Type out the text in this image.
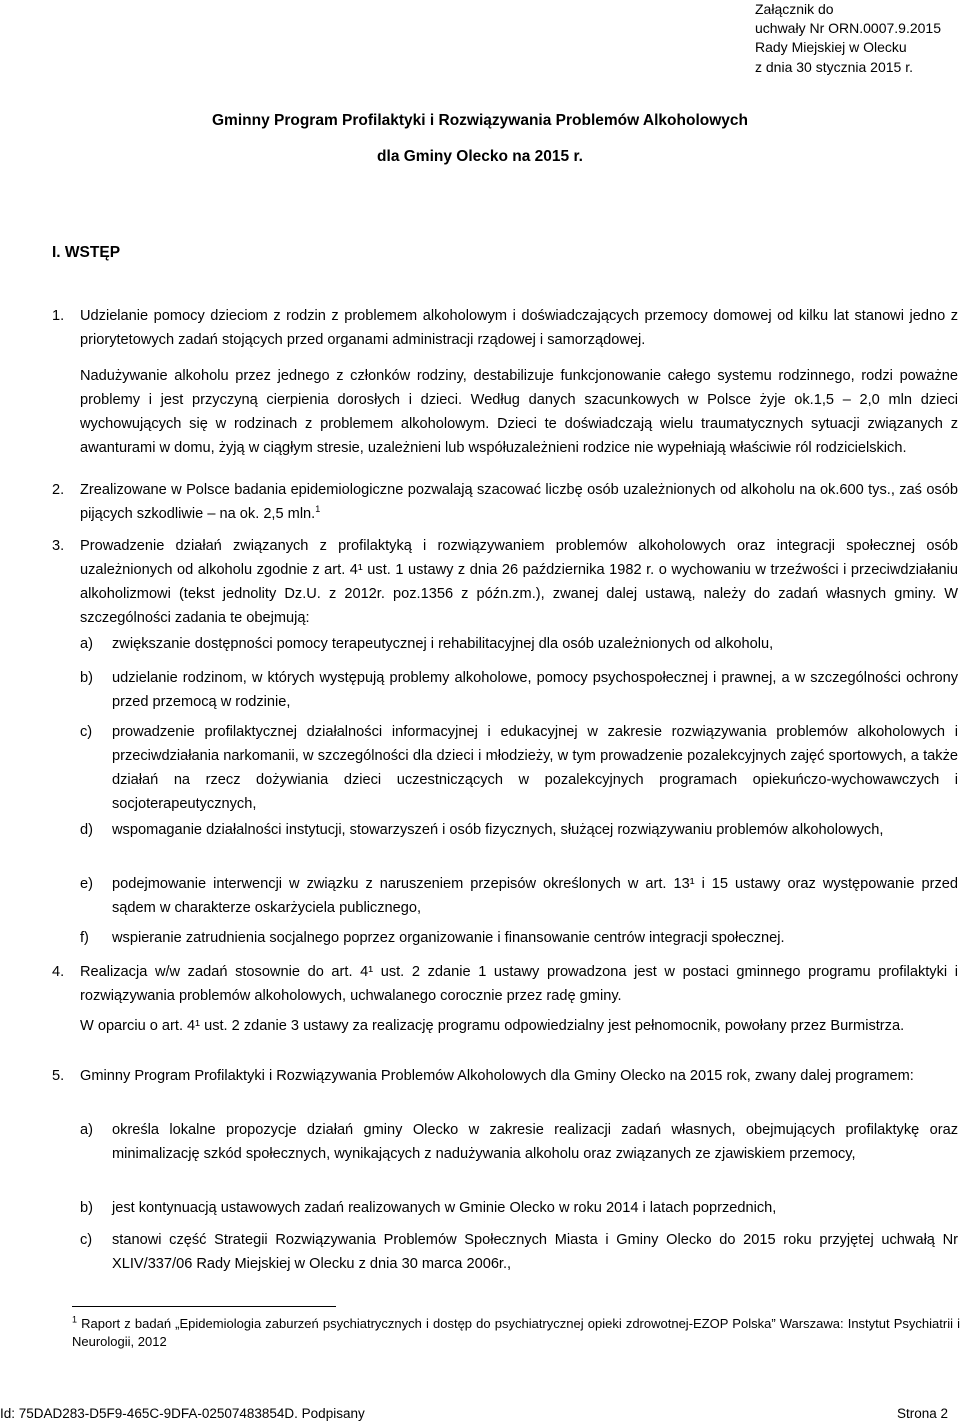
Załącznik do
uchwały Nr ORN.0007.9.2015
Rady Miejskiej w Olecku
z dnia 30 stycznia 2015 r.
Gminny Program Profilaktyki i Rozwiązywania Problemów Alkoholowych
dla Gminy Olecko na 2015 r.
I. WSTĘP
1. Udzielanie pomocy dzieciom z rodzin z problemem alkoholowym i doświadczających przemocy domowej od kilku lat stanowi jedno z priorytetowych zadań stojących przed organami administracji rządowej i samorządowej.
Nadużywanie alkoholu przez jednego z członków rodziny, destabilizuje funkcjonowanie całego systemu rodzinnego, rodzi poważne problemy i jest przyczyną cierpienia dorosłych i dzieci. Według danych szacunkowych w Polsce żyje ok.1,5 – 2,0 mln dzieci wychowujących się w rodzinach z problemem alkoholowym. Dzieci te doświadczają wielu traumatycznych sytuacji związanych z awanturami w domu, żyją w ciągłym stresie, uzależnieni lub współuzależnieni rodzice nie wypełniają właściwie ról rodzicielskich.
2. Zrealizowane w Polsce badania epidemiologiczne pozwalają szacować liczbę osób uzależnionych od alkoholu na ok.600 tys., zaś osób pijących szkodliwie – na ok. 2,5 mln.$^1$
3. Prowadzenie działań związanych z profilaktyką i rozwiązywaniem problemów alkoholowych oraz integracji społecznej osób uzależnionych od alkoholu zgodnie z art. 4¹ ust. 1 ustawy z dnia 26 października 1982 r. o wychowaniu w trzeźwości i przeciwdziałaniu alkoholizmowi (tekst jednolity Dz.U. z 2012r. poz.1356 z późn.zm.), zwanej dalej ustawą, należy do zadań własnych gminy. W szczególności zadania te obejmują:
a) zwiększanie dostępności pomocy terapeutycznej i rehabilitacyjnej dla osób uzależnionych od alkoholu,
b) udzielanie rodzinom, w których występują problemy alkoholowe, pomocy psychospołecznej i prawnej, a w szczególności ochrony przed przemocą w rodzinie,
c) prowadzenie profilaktycznej działalności informacyjnej i edukacyjnej w zakresie rozwiązywania problemów alkoholowych i przeciwdziałania narkomanii, w szczególności dla dzieci i młodzieży, w tym prowadzenie pozalekcyjnych zajęć sportowych, a także działań na rzecz dożywiania dzieci uczestniczących w pozalekcyjnych programach opiekuńczo-wychowawczych i socjoterapeutycznych,
d) wspomaganie działalności instytucji, stowarzyszeń i osób fizycznych, służącej rozwiązywaniu problemów alkoholowych,
e) podejmowanie interwencji w związku z naruszeniem przepisów określonych w art. 13¹ i 15 ustawy oraz występowanie przed sądem w charakterze oskarżyciela publicznego,
f) wspieranie zatrudnienia socjalnego poprzez organizowanie i finansowanie centrów integracji społecznej.
4. Realizacja w/w zadań stosownie do art. 4¹ ust. 2 zdanie 1 ustawy prowadzona jest w postaci gminnego programu profilaktyki i rozwiązywania problemów alkoholowych, uchwalanego corocznie przez radę gminy.
W oparciu o art. 4¹ ust. 2 zdanie 3 ustawy za realizację programu odpowiedzialny jest pełnomocnik, powołany przez Burmistrza.
5. Gminny Program Profilaktyki i Rozwiązywania Problemów Alkoholowych dla Gminy Olecko na 2015 rok, zwany dalej programem:
a) określa lokalne propozycje działań gminy Olecko w zakresie realizacji zadań własnych, obejmujących profilaktykę oraz minimalizację szkód społecznych, wynikających z nadużywania alkoholu oraz związanych ze zjawiskiem przemocy,
b) jest kontynuacją ustawowych zadań realizowanych w Gminie Olecko w roku 2014 i latach poprzednich,
c) stanowi część Strategii Rozwiązywania Problemów Społecznych Miasta i Gminy Olecko do 2015 roku przyjętej uchwałą Nr XLIV/337/06 Rady Miejskiej w Olecku z dnia 30 marca 2006r.,
$^1$ Raport z badań „Epidemiologia zaburzeń psychiatrycznych i dostęp do psychiatrycznej opieki zdrowotnej-EZOP Polska” Warszawa: Instytut Psychiatrii i Neurologii, 2012
Id: 75DAD283-D5F9-465C-9DFA-02507483854D. Podpisany	Strona 2
